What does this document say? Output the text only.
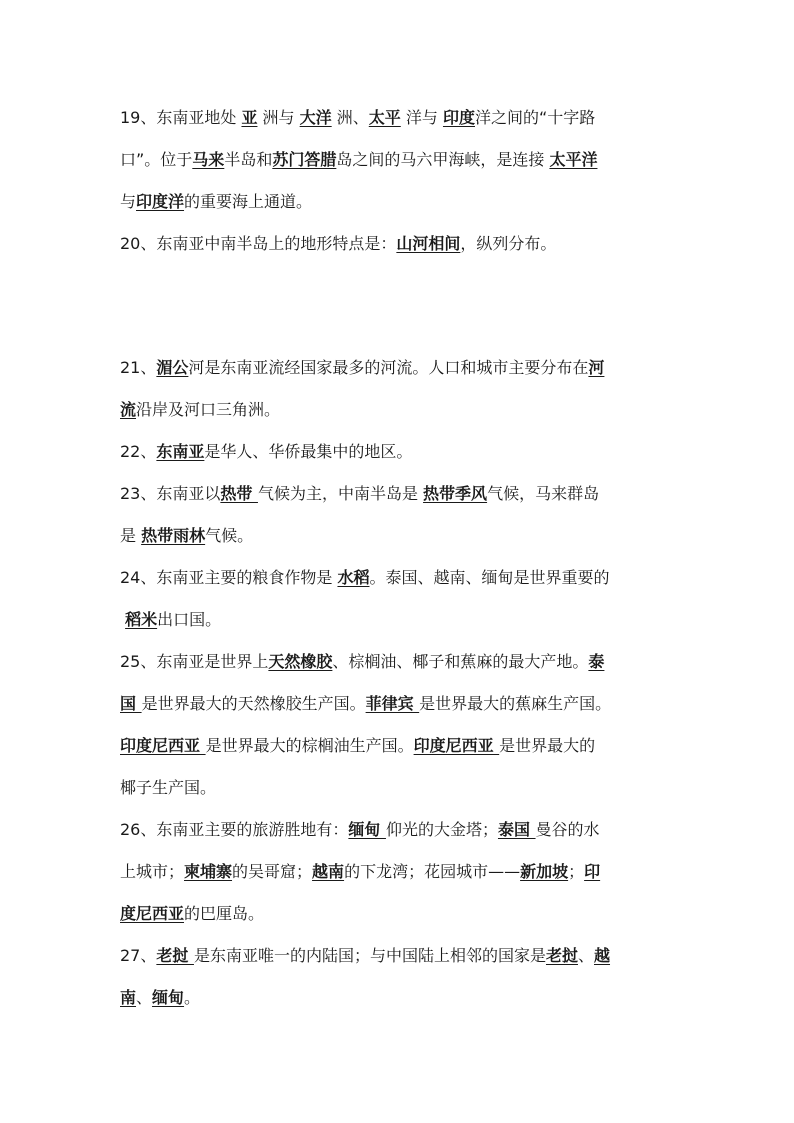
19、东南亚地处 亚 洲与 大洋 洲、太平 洋与 印度洋之间的“十字路
口”。位于马来半岛和苏门答腊岛之间的马六甲海峡，是连接 太平洋
与印度洋的重要海上通道。
20、东南亚中南半岛上的地形特点是：山河相间，纵列分布。
21、湄公河是东南亚流经国家最多的河流。人口和城市主要分布在河
流沿岸及河口三角洲。
22、东南亚是华人、华侨最集中的地区。
23、东南亚以热带 气候为主，中南半岛是 热带季风气候，马来群岛
是 热带雨林气候。
24、东南亚主要的粮食作物是 水稻。泰国、越南、缅甸是世界重要的
稻米出口国。
25、东南亚是世界上天然橡胶、棕榈油、椰子和蕉麻的最大产地。泰
国 是世界最大的天然橡胶生产国。菲律宾 是世界最大的蕉麻生产国。
印度尼西亚 是世界最大的棕榈油生产国。印度尼西亚 是世界最大的
椰子生产国。
26、东南亚主要的旅游胜地有：缅甸 仰光的大金塔；泰国 曼谷的水
上城市；柬埔寨的吴哥窟；越南的下龙湾；花园城市——新加坡；印
度尼西亚的巴厘岛。
27、老挝 是东南亚唯一的内陆国；与中国陆上相邻的国家是老挝、越
南、缅甸。
